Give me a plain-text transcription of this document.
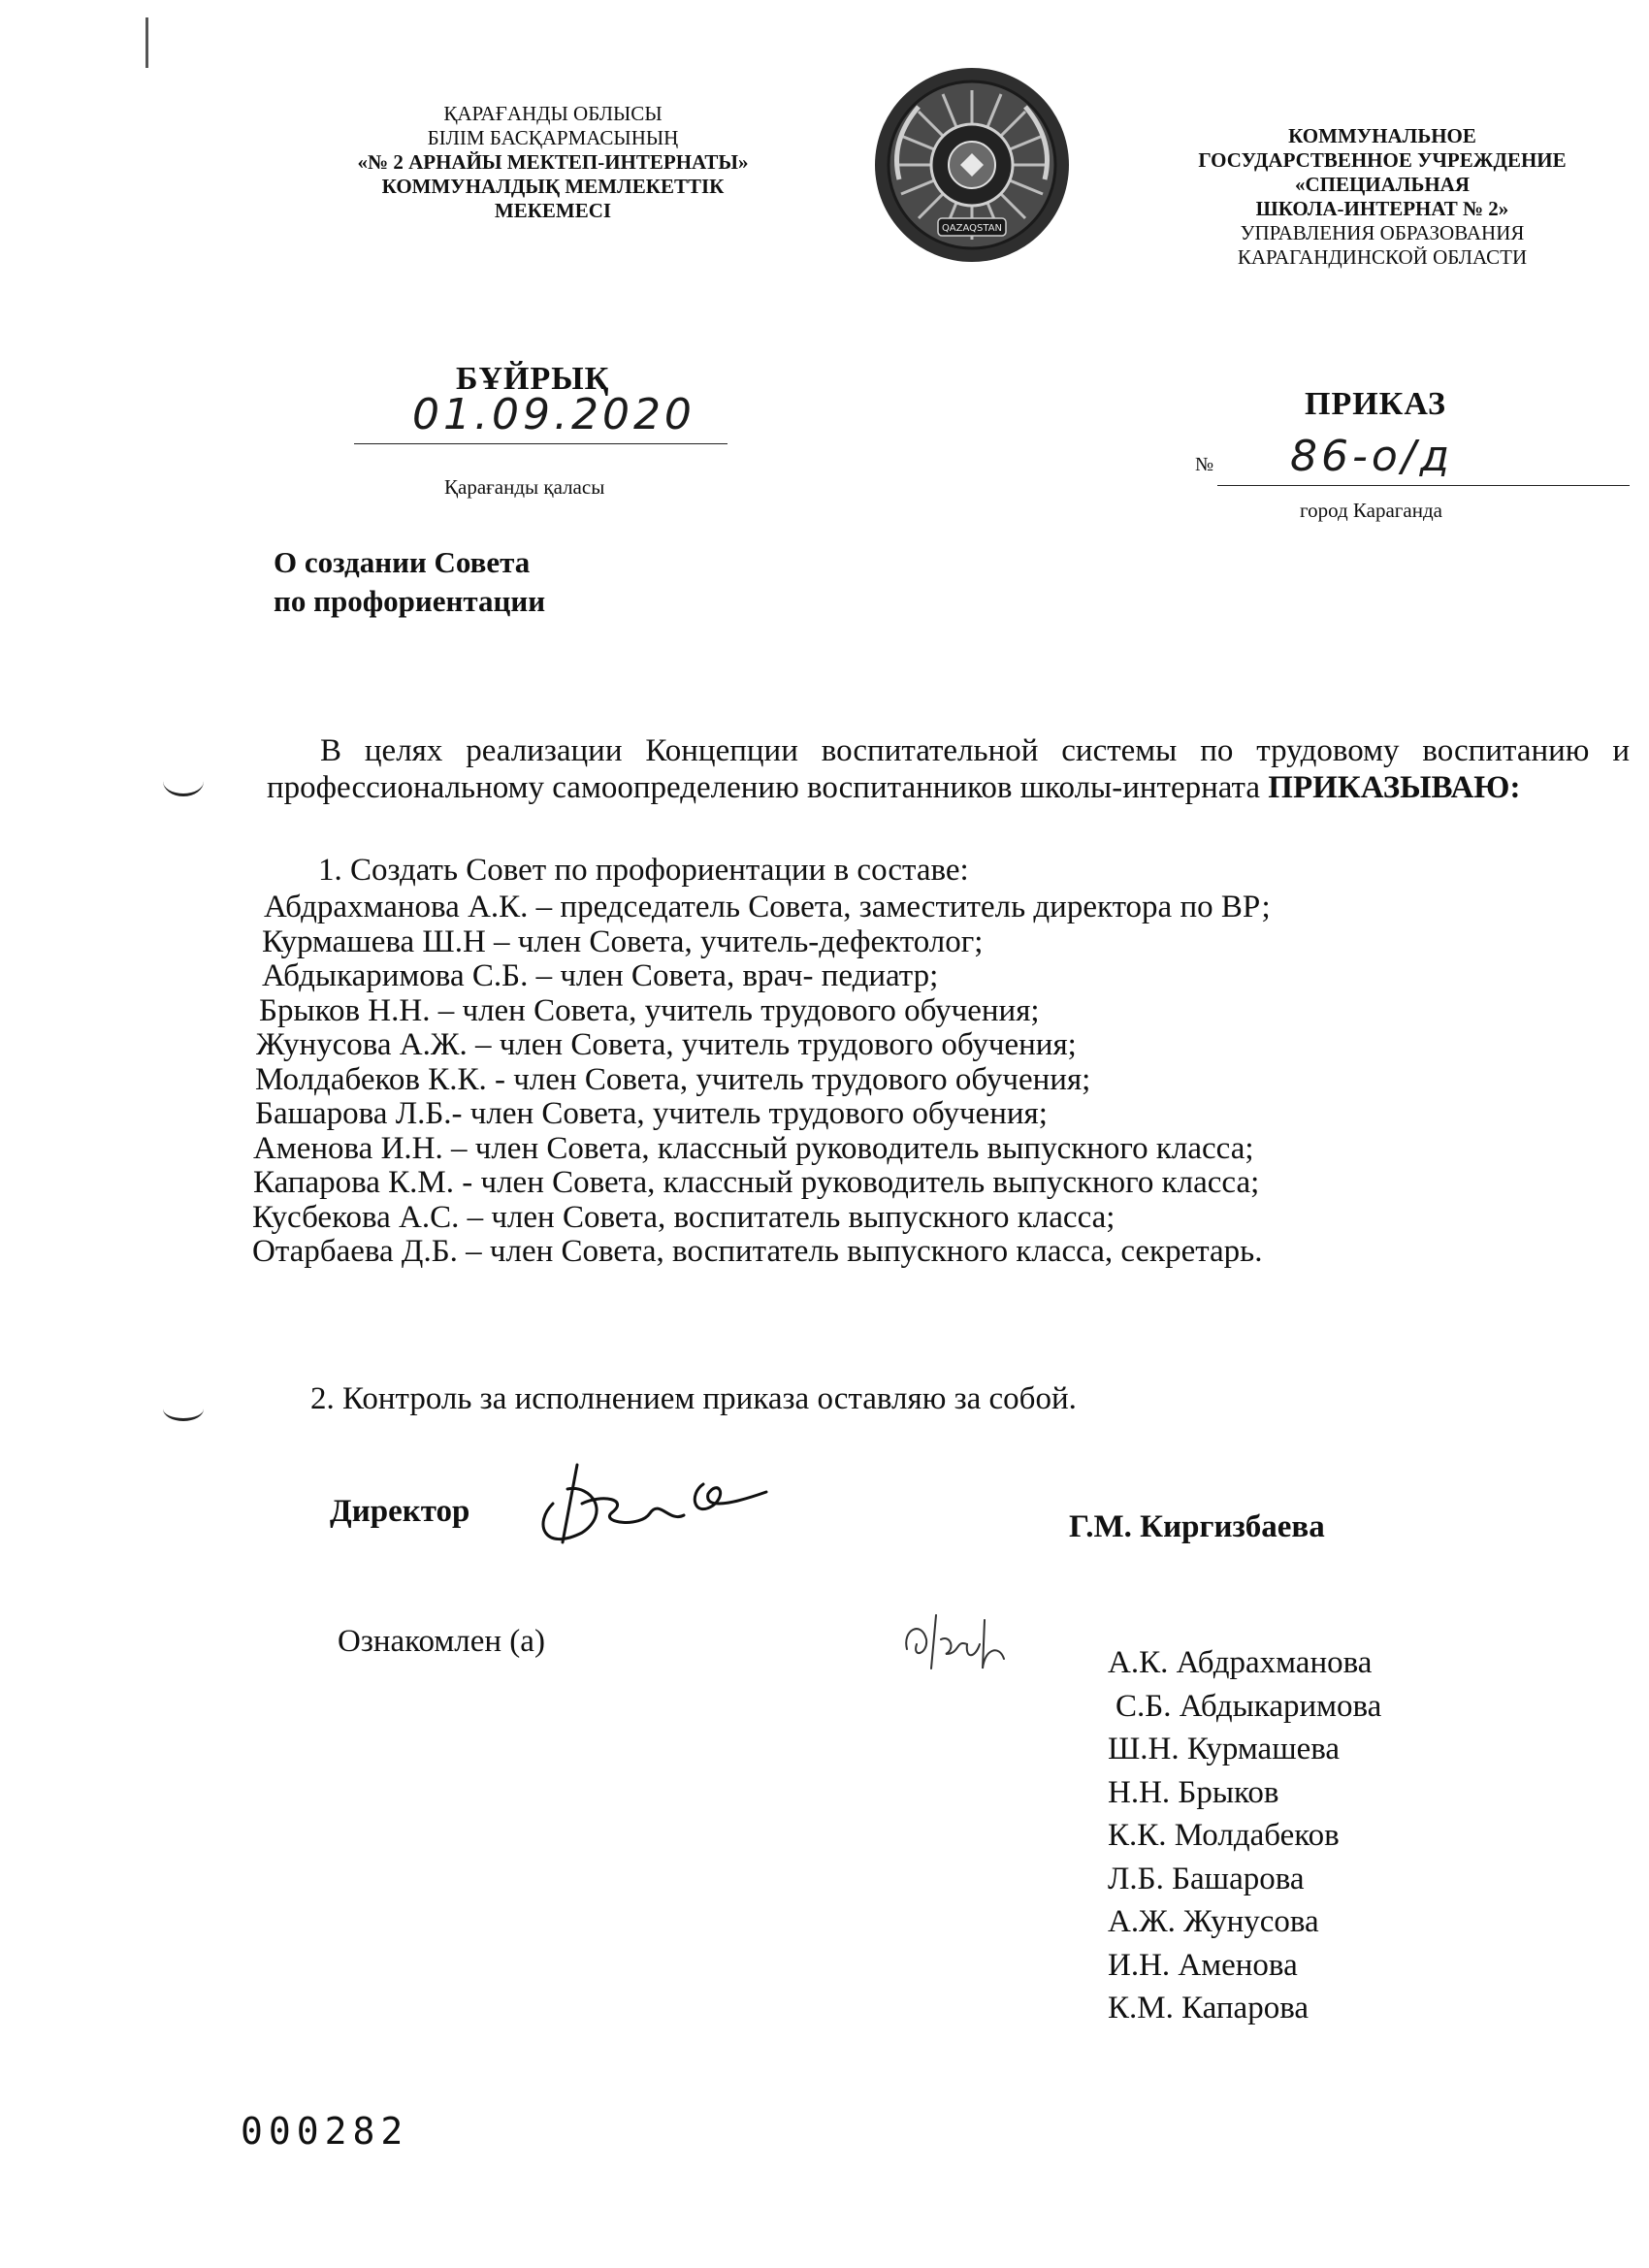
ҚАРАҒАНДЫ ОБЛЫСЫ
БІЛІМ БАСҚАРМАСЫНЫҢ
«№ 2 АРНАЙЫ МЕКТЕП-ИНТЕРНАТЫ»
КОММУНАЛДЫҚ МЕМЛЕКЕТТІК
МЕКЕМЕСІ
QAZAQSTAN
КОММУНАЛЬНОЕ
ГОСУДАРСТВЕННОЕ УЧРЕЖДЕНИЕ
«СПЕЦИАЛЬНАЯ
ШКОЛА-ИНТЕРНАТ № 2»
УПРАВЛЕНИЯ ОБРАЗОВАНИЯ
КАРАГАНДИНСКОЙ ОБЛАСТИ
БҰЙРЫҚ
01.09.2020
Қарағанды қаласы
ПРИКАЗ
№ 86-о/д
город Караганда
О создании Совета
по профориентации
В целях реализации Концепции воспитательной системы по трудовому воспитанию и профессиональному самоопределению воспитанников школы-интерната ПРИКАЗЫВАЮ:
1. Создать Совет по профориентации в составе:
Абдрахманова А.К. – председатель Совета, заместитель директора по ВР;
Курмашева Ш.Н – член Совета, учитель-дефектолог;
Абдыкаримова С.Б. – член Совета, врач- педиатр;
Брыков Н.Н. – член Совета, учитель трудового обучения;
Жунусова А.Ж. – член Совета, учитель трудового обучения;
Молдабеков К.К. - член Совета, учитель трудового обучения;
Башарова Л.Б.- член Совета, учитель трудового обучения;
Аменова И.Н. – член Совета, классный руководитель выпускного класса;
Капарова К.М. - член Совета, классный руководитель выпускного класса;
Кусбекова А.С. – член Совета, воспитатель выпускного класса;
Отарбаева Д.Б. – член Совета, воспитатель выпускного класса, секретарь.
2. Контроль за исполнением приказа оставляю за собой.
Директор	Г.М. Киргизбаева
Ознакомлен (а)
А.К. Абдрахманова
С.Б. Абдыкаримова
Ш.Н. Курмашева
Н.Н. Брыков
К.К. Молдабеков
Л.Б. Башарова
А.Ж. Жунусова
И.Н. Аменова
К.М. Капарова
000282
